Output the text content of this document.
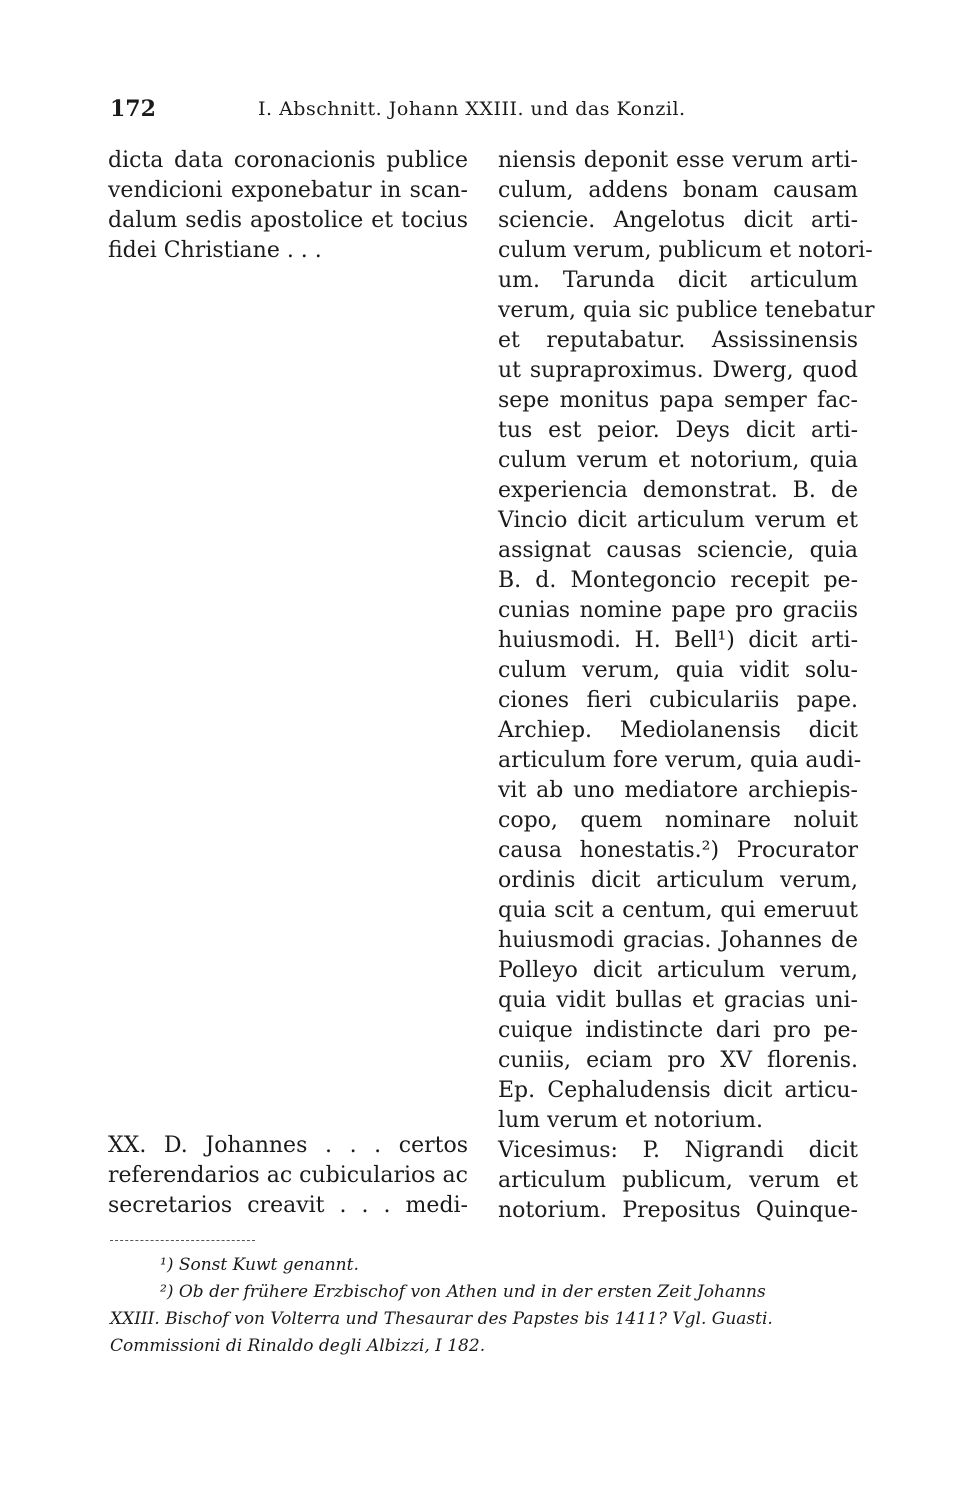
172	I. Abschnitt. Johann XXIII. und das Konzil.
dicta data coronacionis publice
vendicioni exponebatur in scan-
dalum sedis apostolice et tocius
fidei Christiane . . .
XX. D. Johannes . . . certos
referendarios ac cubicularios ac
secretarios creavit . . . medi-
niensis deponit esse verum arti-
culum, addens bonam causam
sciencie. Angelotus dicit arti-
culum verum, publicum et notori-
um. Tarunda dicit articulum
verum, quia sic publice tenebatur
et reputabatur. Assissinensis
ut supraproximus. Dwerg, quod
sepe monitus papa semper fac-
tus est peior. Deys dicit arti-
culum verum et notorium, quia
experiencia demonstrat. B. de
Vincio dicit articulum verum et
assignat causas sciencie, quia
B. d. Montegoncio recepit pe-
cunias nomine pape pro graciis
huiusmodi. H. Bell¹) dicit arti-
culum verum, quia vidit solu-
ciones fieri cubiculariis pape.
Archiep. Mediolanensis dicit
articulum fore verum, quia audi-
vit ab uno mediatore archiepis-
copo, quem nominare noluit
causa honestatis.²) Procurator
ordinis dicit articulum verum,
quia scit a centum, qui emeruut
huiusmodi gracias. Johannes de
Polleyo dicit articulum verum,
quia vidit bullas et gracias uni-
cuique indistincte dari pro pe-
cuniis, eciam pro XV florenis.
Ep. Cephaludensis dicit articu-
lum verum et notorium.
Vicesimus: P. Nigrandi dicit
articulum publicum, verum et
notorium. Prepositus Quinque-
¹) Sonst Kuwt genannt.
²) Ob der frühere Erzbischof von Athen und in der ersten Zeit Johanns
XXIII. Bischof von Volterra und Thesaurar des Papstes bis 1411? Vgl. Guasti.
Commissioni di Rinaldo degli Albizzi, I 182.
